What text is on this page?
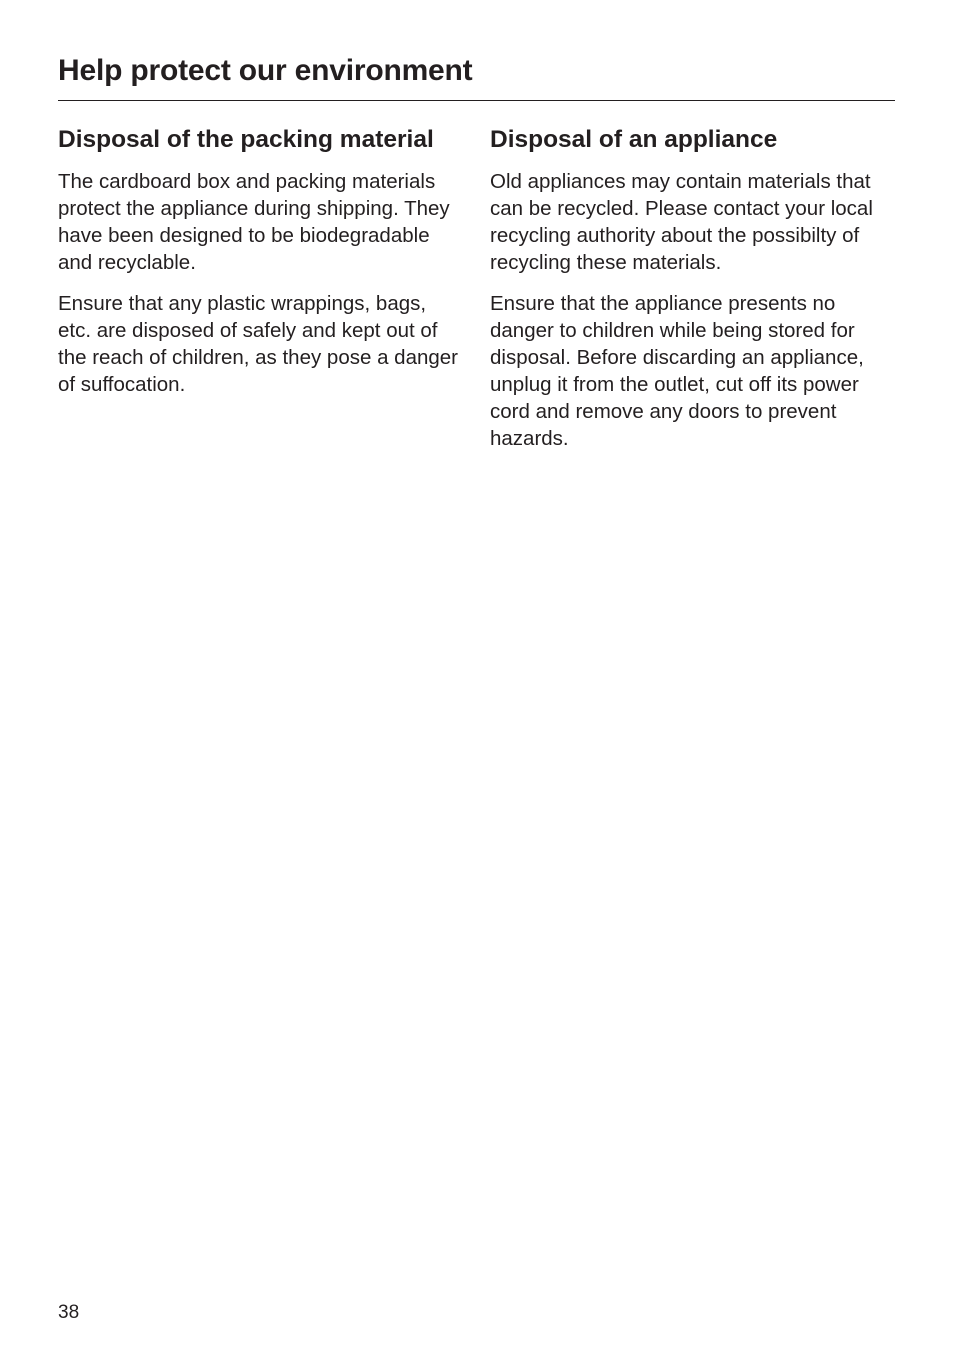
Help protect our environment
Disposal of the packing material

The cardboard box and packing materials protect the appliance during shipping. They have been designed to be biodegradable and recyclable.

Ensure that any plastic wrappings, bags, etc. are disposed of safely and kept out of the reach of children, as they pose a danger of suffocation.

Disposal of an appliance

Old appliances may contain materials that can be recycled. Please contact your local recycling authority about the possibilty of recycling these materials.

Ensure that the appliance presents no danger to children while being stored for disposal. Before discarding an appliance, unplug it from the outlet, cut off its power cord and remove any doors to prevent hazards.

38
